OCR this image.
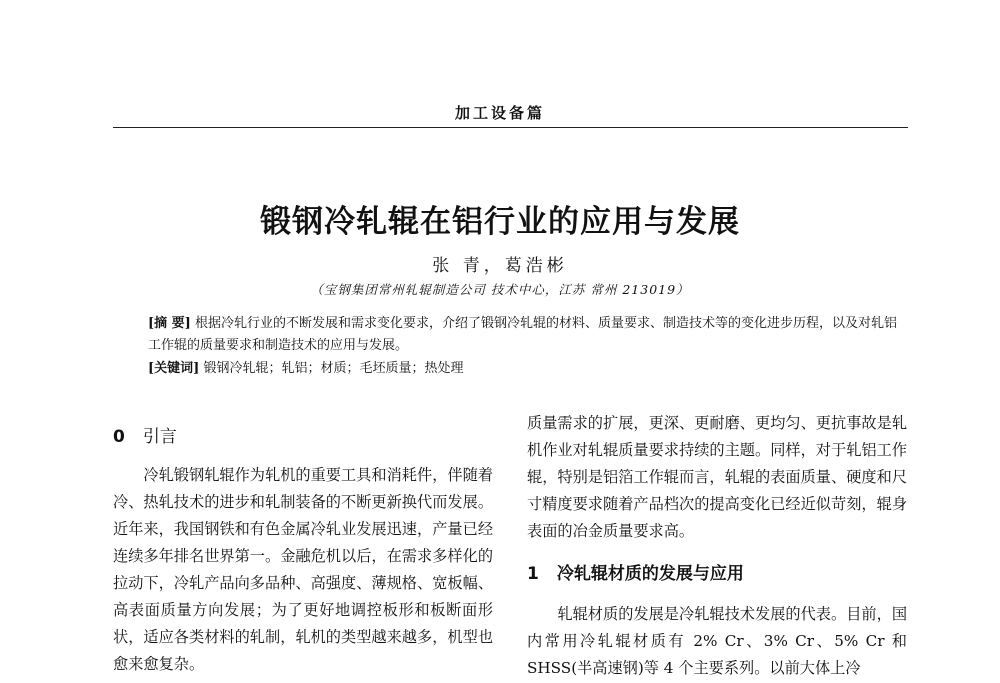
加工设备篇
锻钢冷轧辊在铝行业的应用与发展
张 青，葛浩彬
（宝钢集团常州轧辊制造公司 技术中心，江苏 常州 213019）
[摘 要] 根据冷轧行业的不断发展和需求变化要求，介绍了锻钢冷轧辊的材料、质量要求、制造技术等的变化进步历程，以及对轧铝工作辊的质量要求和制造技术的应用与发展。
[关键词] 锻钢冷轧辊；轧铝；材质；毛坯质量；热处理
0 引言

冷轧锻钢轧辊作为轧机的重要工具和消耗件，伴随着冷、热轧技术的进步和轧制装备的不断更新换代而发展。近年来，我国钢铁和有色金属冷轧业发展迅速，产量已经连续多年排名世界第一。金融危机以后，在需求多样化的拉动下，冷轧产品向多品种、高强度、薄规格、宽板幅、高表面质量方向发展；为了更好地调控板形和板断面形状，适应各类材料的轧制，轧机的类型越来越多，机型也愈来愈复杂。

质量需求的扩展，更深、更耐磨、更均匀、更抗事故是轧机作业对轧辊质量要求持续的主题。同样，对于轧铝工作辊，特别是铝箔工作辊而言，轧辊的表面质量、硬度和尺寸精度要求随着产品档次的提高变化已经近似苛刻，辊身表面的冶金质量要求高。

1 冷轧辊材质的发展与应用

轧辊材质的发展是冷轧辊技术发展的代表。目前，国内常用冷轧辊材质有 2% Cr、3% Cr、5% Cr 和 SHSS(半高速钢)等 4 个主要系列。以前大体上冷
